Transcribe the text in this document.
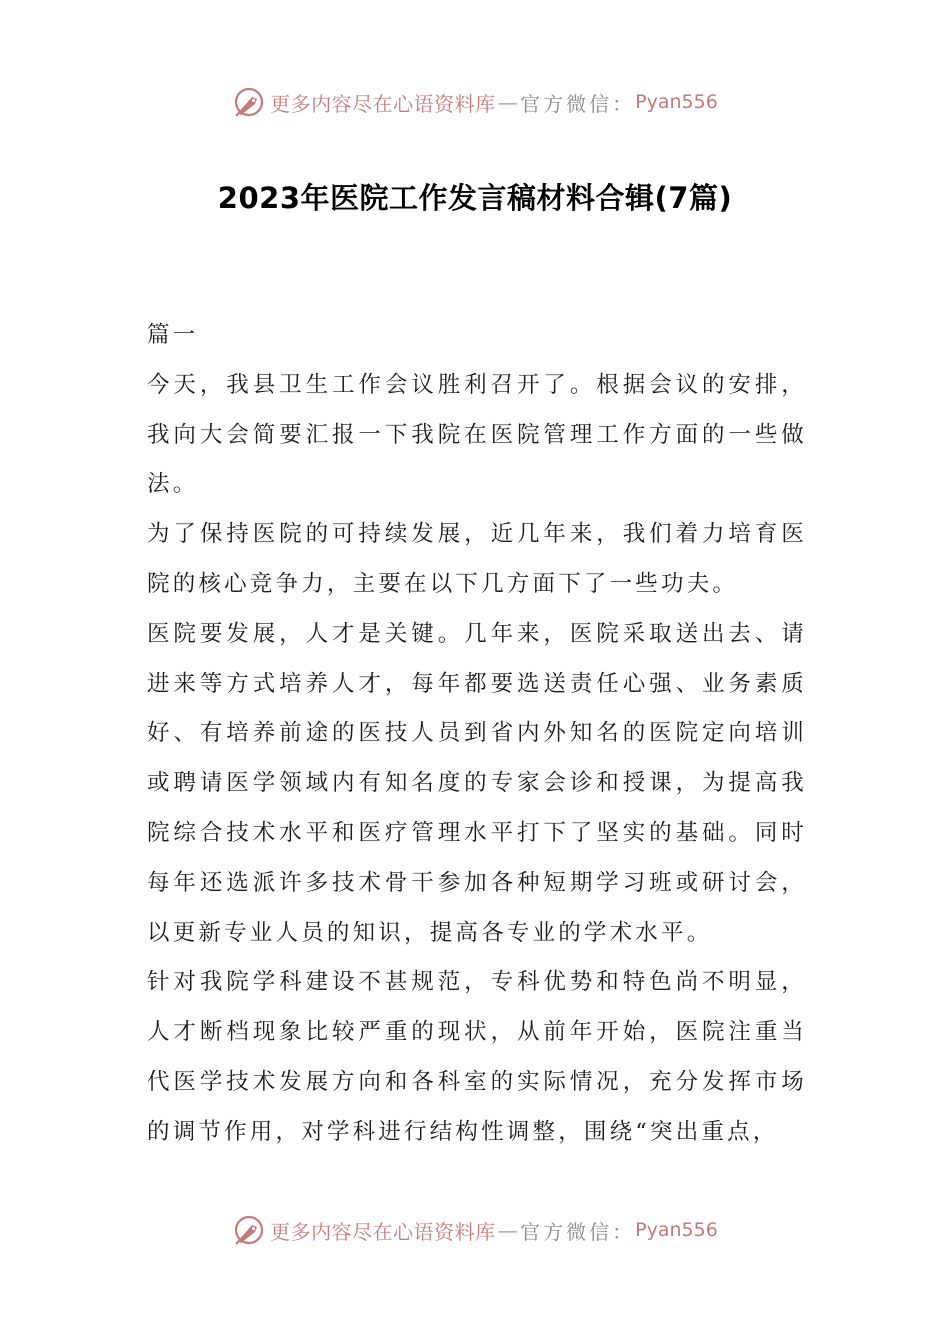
更多内容尽在心语资料库 — 官方微信： Pyan556
2023年医院工作发言稿材料合辑(7篇)

篇一

今天，我县卫生工作会议胜利召开了。根据会议的安排，我向大会简要汇报一下我院在医院管理工作方面的一些做法。

为了保持医院的可持续发展，近几年来，我们着力培育医院的核心竞争力，主要在以下几方面下了一些功夫。

医院要发展，人才是关键。几年来，医院采取送出去、请进来等方式培养人才，每年都要选送责任心强、业务素质好、有培养前途的医技人员到省内外知名的医院定向培训或聘请医学领域内有知名度的专家会诊和授课，为提高我院综合技术水平和医疗管理水平打下了坚实的基础。同时每年还选派许多技术骨干参加各种短期学习班或研讨会，以更新专业人员的知识，提高各专业的学术水平。

针对我院学科建设不甚规范，专科优势和特色尚不明显，人才断档现象比较严重的现状，从前年开始，医院注重当代医学技术发展方向和各科室的实际情况，充分发挥市场的调节作用，对学科进行结构性调整，围绕“突出重点，

更多内容尽在心语资料库 — 官方微信： Pyan556
